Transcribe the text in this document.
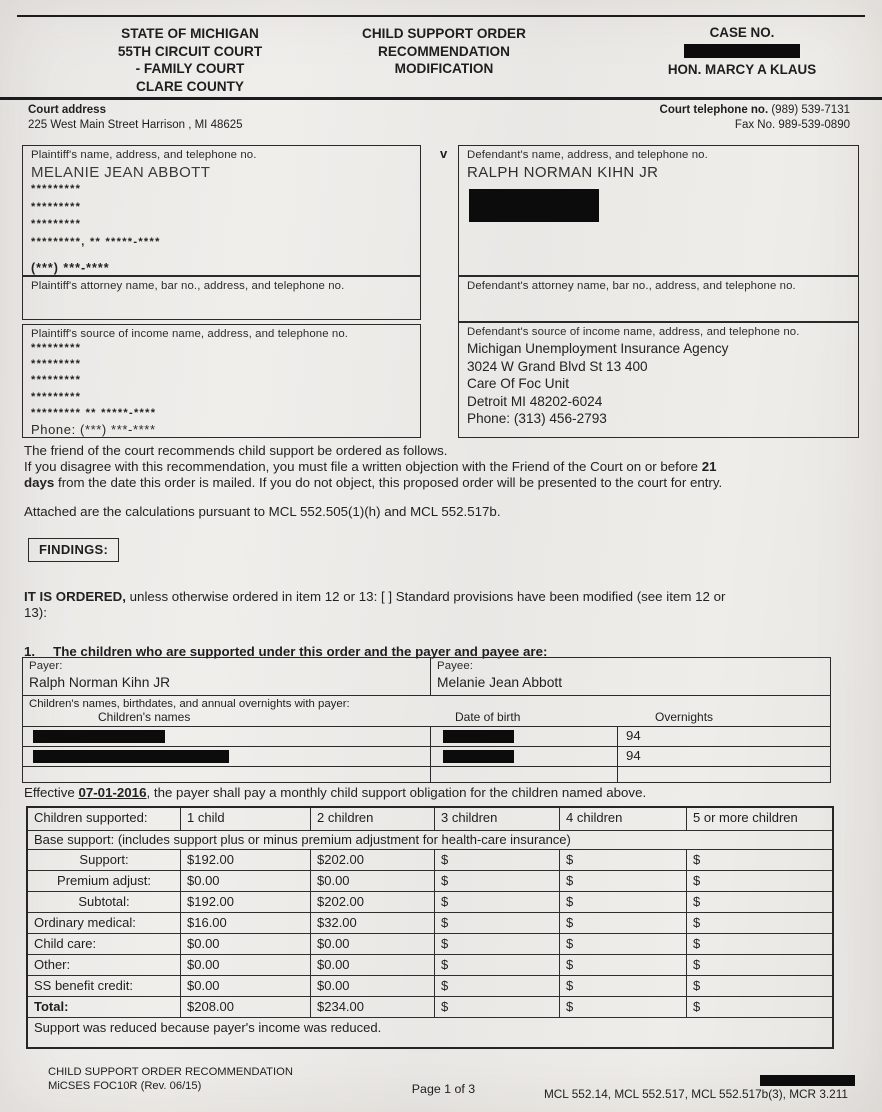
STATE OF MICHIGAN
55TH CIRCUIT COURT
- FAMILY COURT
CLARE COUNTY
CHILD SUPPORT ORDER
RECOMMENDATION
MODIFICATION
CASE NO.
HON. MARCY A KLAUS
Court address
225 West Main Street Harrison , MI 48625
Court telephone no. (989) 539-7131
Fax No. 989-539-0890
Plaintiff's name, address, and telephone no.
MELANIE JEAN ABBOTT
*********
*********
*********
*********, ** *****-****
(***) ***-****
v Defendant's name, address, and telephone no.
RALPH NORMAN KIHN JR
Plaintiff's attorney name, bar no., address, and telephone no.	Defendant's attorney name, bar no., address, and telephone no.
Plaintiff's source of income name, address, and telephone no.
*********
*********
*********
*********
********* ** *****-****
Phone: (***) ***-****
Defendant's source of income name, address, and telephone no.
Michigan Unemployment Insurance Agency
3024 W Grand Blvd St 13 400
Care Of Foc Unit
Detroit MI 48202-6024
Phone: (313) 456-2793
The friend of the court recommends child support be ordered as follows.
If you disagree with this recommendation, you must file a written objection with the Friend of the Court on or before 21
days from the date this order is mailed. If you do not object, this proposed order will be presented to the court for entry.
Attached are the calculations pursuant to MCL 552.505(1)(h) and MCL 552.517b.
FINDINGS:
IT IS ORDERED, unless otherwise ordered in item 12 or 13: [ ] Standard provisions have been modified (see item 12 or
13):
1. The children who are supported under this order and the payer and payee are:
Payer:
Ralph Norman Kihn JR
Payee:
Melanie Jean Abbott
Children's names, birthdates, and annual overnights with payer:
Children's names	Date of birth	Overnights
94
94
Effective 07-01-2016, the payer shall pay a monthly child support obligation for the children named above.
Children supported:	1 child	2 children	3 children	4 children	5 or more children
Base support: (includes support plus or minus premium adjustment for health-care insurance)
Support:	$192.00	$202.00	$	$	$
Premium adjust:	$0.00	$0.00	$	$	$
Subtotal:	$192.00	$202.00	$	$	$
Ordinary medical:	$16.00	$32.00	$	$	$
Child care:	$0.00	$0.00	$	$	$
Other:	$0.00	$0.00	$	$	$
SS benefit credit:	$0.00	$0.00	$	$	$
Total:	$208.00	$234.00	$	$	$
Support was reduced because payer's income was reduced.
CHILD SUPPORT ORDER RECOMMENDATION
MiCSES FOC10R (Rev. 06/15)	Page 1 of 3	MCL 552.14, MCL 552.517, MCL 552.517b(3), MCR 3.211
